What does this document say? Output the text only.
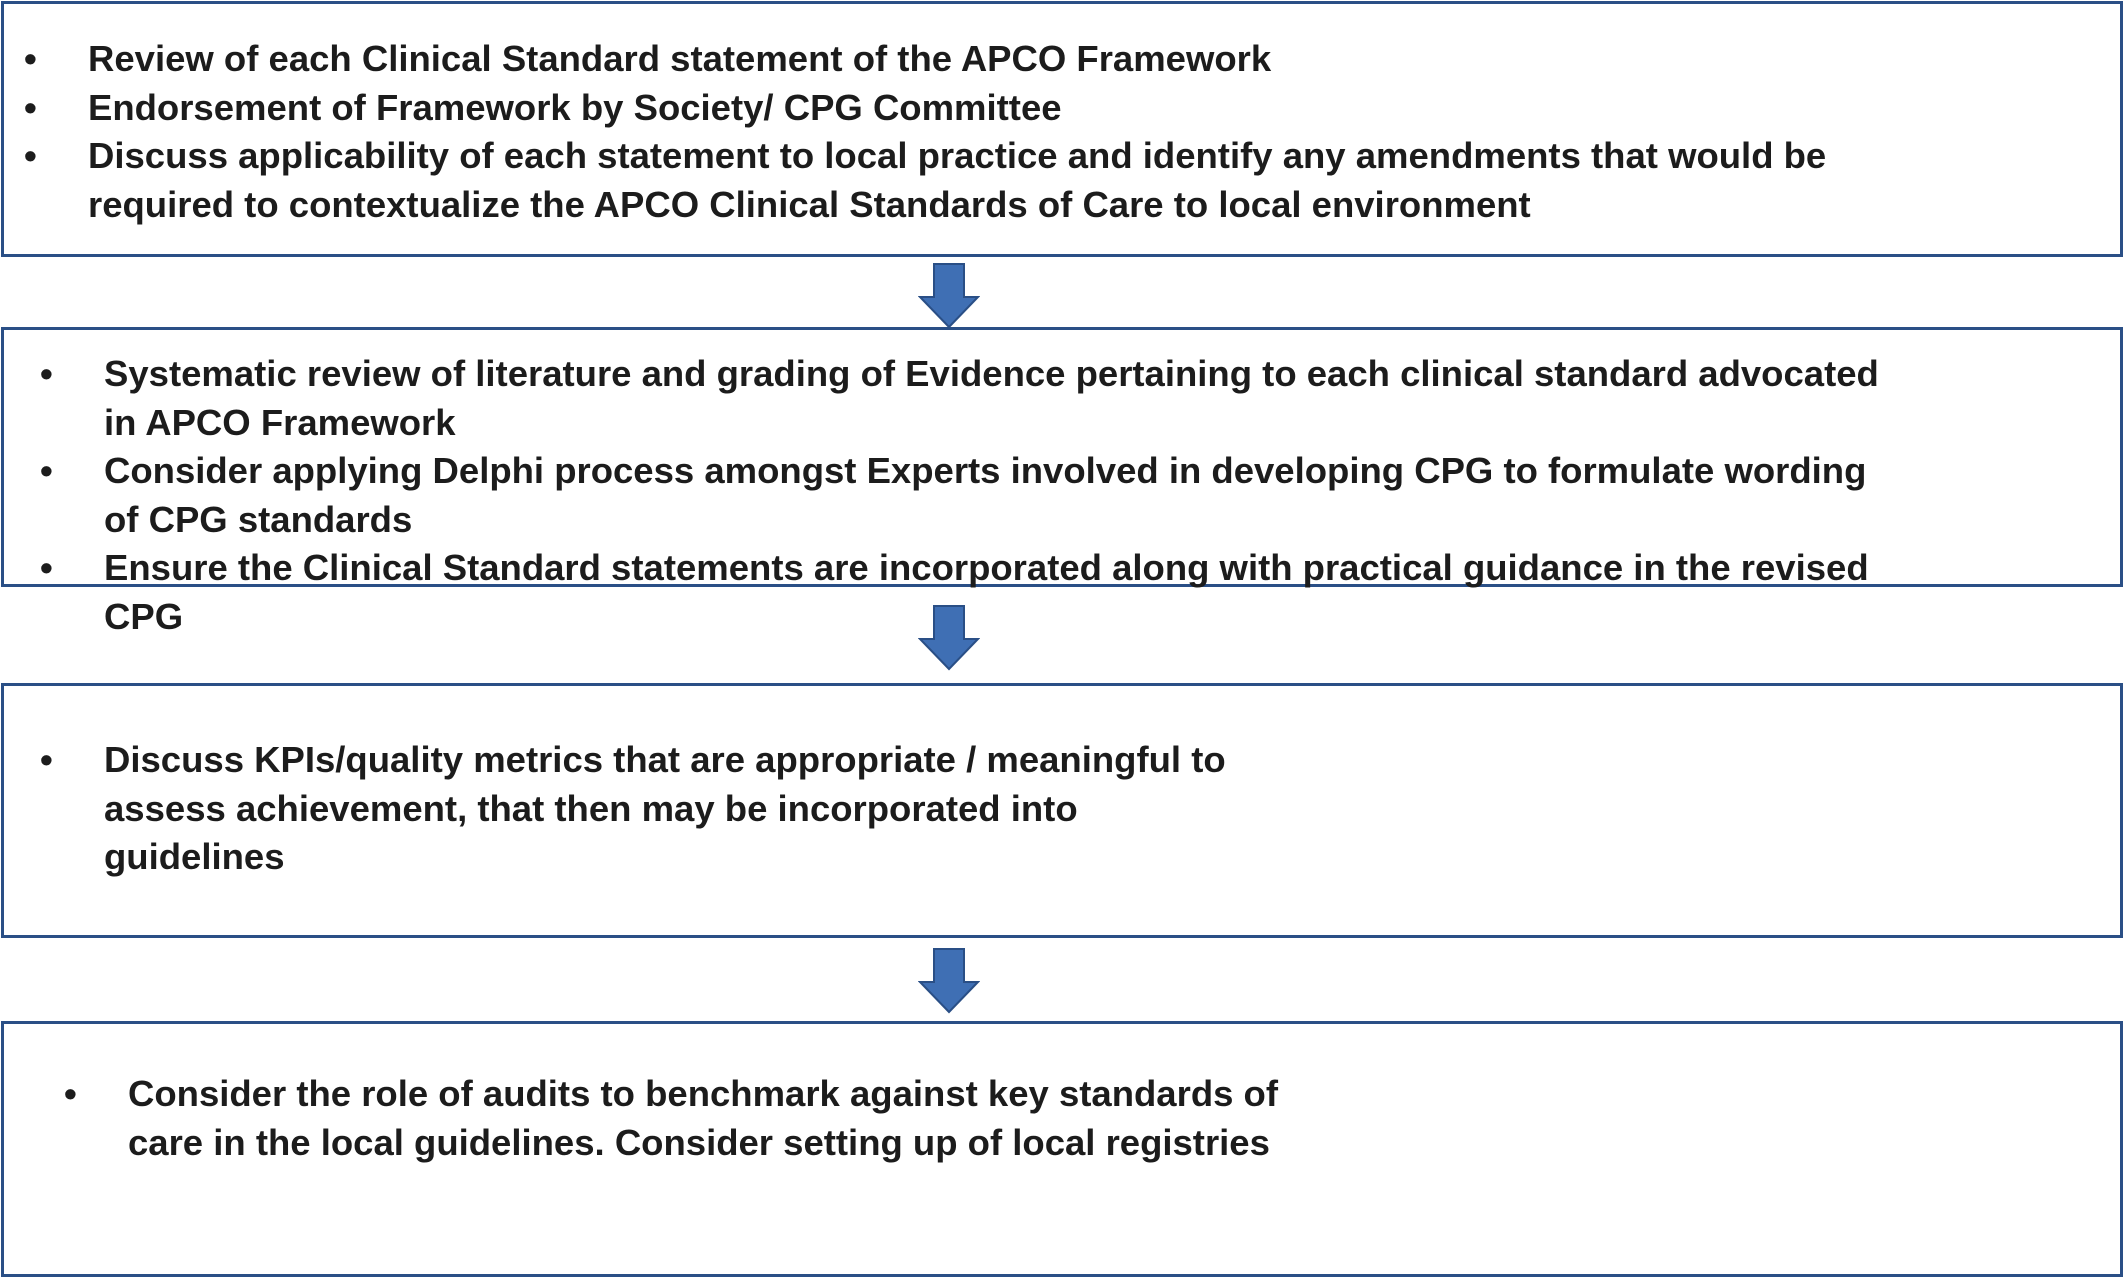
• Review of each Clinical Standard statement of the APCO Framework
• Endorsement of Framework by Society/ CPG Committee
• Discuss applicability of each statement to local practice and identify any amendments that would be
required to contextualize the APCO Clinical Standards of Care to local environment
• Systematic review of literature and grading of Evidence pertaining to each clinical standard advocated
in APCO Framework
• Consider applying Delphi process amongst Experts involved in developing CPG to formulate wording
of CPG standards
• Ensure the Clinical Standard statements are incorporated along with practical guidance in the revised
CPG
• Discuss KPIs/quality metrics that are appropriate / meaningful to
assess achievement, that then may be incorporated into
guidelines
• Consider the role of audits to benchmark against key standards of
care in the local guidelines. Consider setting up of local registries
